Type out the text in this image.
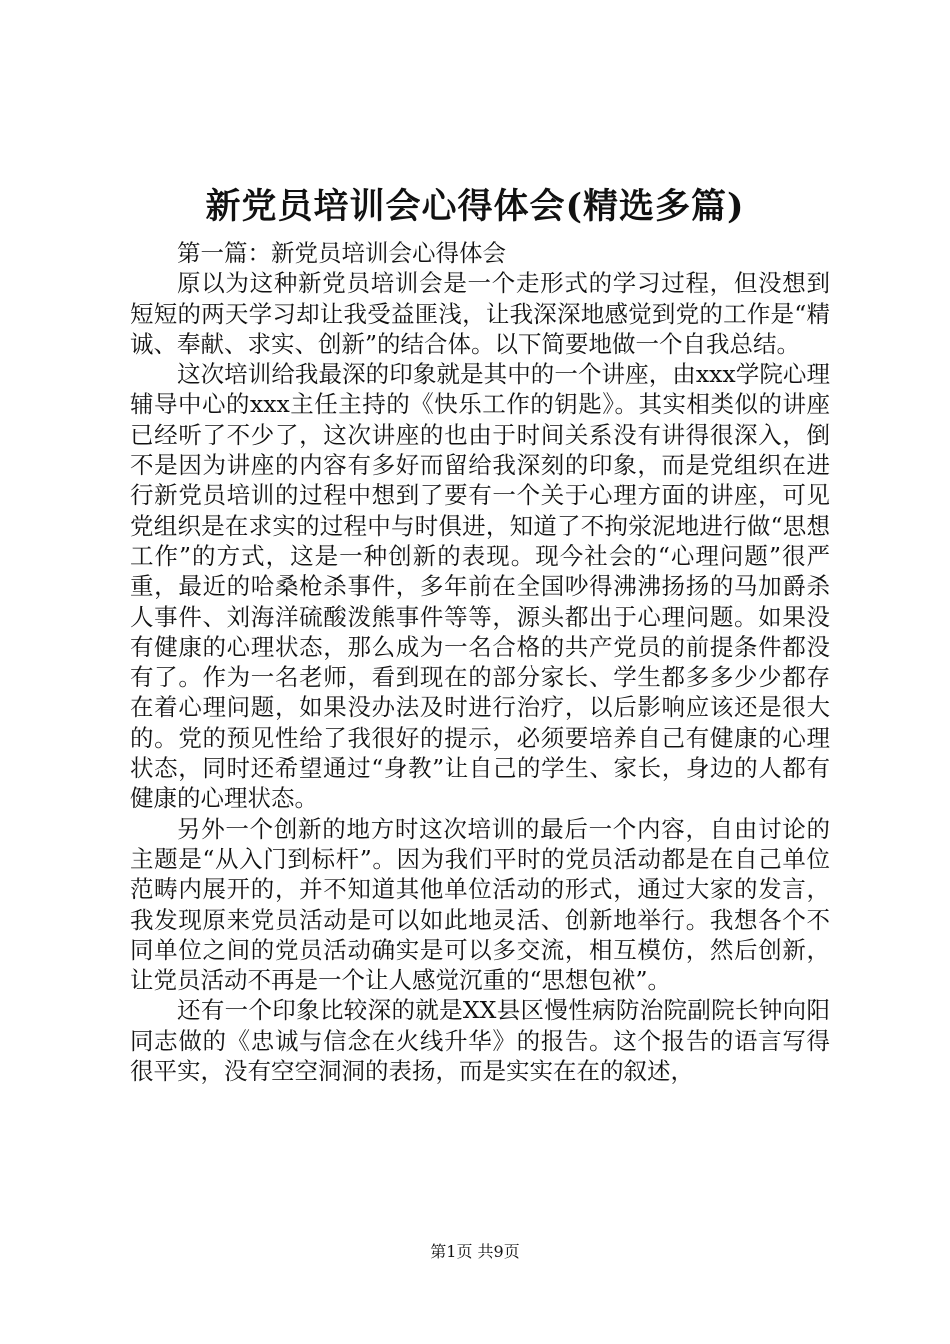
新党员培训会心得体会(精选多篇)

第一篇：新党员培训会心得体会

原以为这种新党员培训会是一个走形式的学习过程，但没想到短短的两天学习却让我受益匪浅，让我深深地感觉到党的工作是“精诚、奉献、求实、创新”的结合体。以下简要地做一个自我总结。

这次培训给我最深的印象就是其中的一个讲座，由xxx学院心理辅导中心的xxx主任主持的《快乐工作的钥匙》。其实相类似的讲座已经听了不少了，这次讲座的也由于时间关系没有讲得很深入，倒不是因为讲座的内容有多好而留给我深刻的印象，而是党组织在进行新党员培训的过程中想到了要有一个关于心理方面的讲座，可见党组织是在求实的过程中与时俱进，知道了不拘泶泥地进行做“思想工作”的方式，这是一种创新的表现。现今社会的“心理问题”很严重，最近的哈桑枪杀事件，多年前在全国吵得沸沸扬扬的马加爵杀人事件、刘海洋硫酸泼熊事件等等，源头都出于心理问题。如果没有健康的心理状态，那么成为一名合格的共产党员的前提条件都没有了。作为一名老师，看到现在的部分家长、学生都多多少少都存在着心理问题，如果没办法及时进行治疗，以后影响应该还是很大的。党的预见性给了我很好的提示，必须要培养自己有健康的心理状态，同时还希望通过“身教”让自己的学生、家长，身边的人都有健康的心理状态。

另外一个创新的地方时这次培训的最后一个内容，自由讨论的主题是“从入门到标杆”。因为我们平时的党员活动都是在自己单位范畴内展开的，并不知道其他单位活动的形式，通过大家的发言，我发现原来党员活动是可以如此地灵活、创新地举行。我想各个不同单位之间的党员活动确实是可以多交流，相互模仿，然后创新，让党员活动不再是一个让人感觉沉重的“思想包袱”。

还有一个印象比较深的就是XX县区慢性病防治院副院长钟向阳同志做的《忠诚与信念在火线升华》的报告。这个报告的语言写得很平实，没有空空洞洞的表扬，而是实实在在的叙述，

第1页 共9页
